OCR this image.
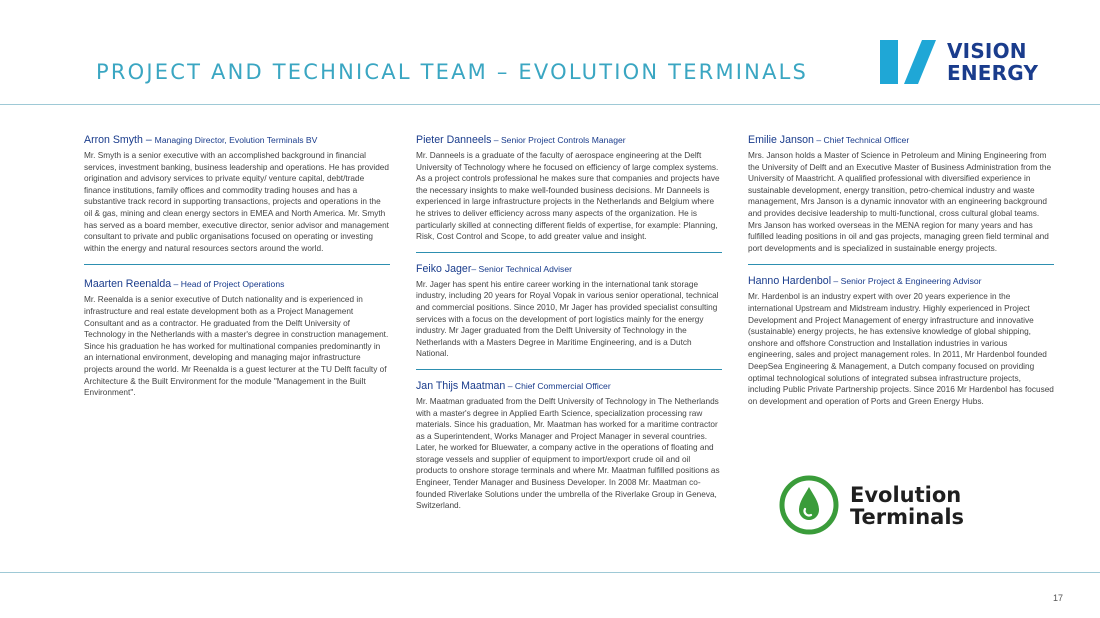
PROJECT AND TECHNICAL TEAM – EVOLUTION TERMINALS
VISION
ENERGY

Arron Smyth – Managing Director, Evolution Terminals BV

Mr. Smyth is a senior executive with an accomplished background in financial services, investment banking, business leadership and operations. He has provided origination and advisory services to private equity/ venture capital, debt/trade finance institutions, family offices and commodity trading houses and has a substantive track record in supporting transactions, projects and operations in the oil & gas, mining and clean energy sectors in EMEA and North America. Mr. Smyth has served as a board member, executive director, senior advisor and management consultant to private and public organisations focused on operating or investing within the energy and natural resources sectors around the world.

Maarten Reenalda – Head of Project Operations

Mr. Reenalda is a senior executive of Dutch nationality and is experienced in infrastructure and real estate development both as a Project Management Consultant and as a contractor. He graduated from the Delft University of Technology in the Netherlands with a master's degree in construction management. Since his graduation he has worked for multinational companies predominantly in an international environment, developing and managing major infrastructure projects around the world. Mr Reenalda is a guest lecturer at the TU Delft faculty of Architecture & the Built Environment for the module "Management in the Built Environment".

Pieter Danneels – Senior Project Controls Manager

Mr. Danneels is a graduate of the faculty of aerospace engineering at the Delft University of Technology where he focused on efficiency of large complex systems. As a project controls professional he makes sure that companies and projects have the necessary insights to make well-founded business decisions. Mr Danneels is experienced in large infrastructure projects in the Netherlands and Belgium where he strives to deliver efficiency across many aspects of the organization. He is particularly skilled at connecting different fields of expertise, for example: Planning, Risk, Cost Control and Scope, to add greater value and insight.

Feiko Jager– Senior Technical Adviser

Mr. Jager has spent his entire career working in the international tank storage industry, including 20 years for Royal Vopak in various senior operational, technical and commercial positions. Since 2010, Mr Jager has provided specialist consulting services with a focus on the development of port logistics mainly for the energy industry. Mr Jager graduated from the Delft University of Technology in the Netherlands with a Masters Degree in Maritime Engineering, and is a Dutch National.

Jan Thijs Maatman – Chief Commercial Officer

Mr. Maatman graduated from the Delft University of Technology in The Netherlands with a master's degree in Applied Earth Science, specialization processing raw materials. Since his graduation, Mr. Maatman has worked for a maritime contractor as a Superintendent, Works Manager and Project Manager in several countries. Later, he worked for Bluewater, a company active in the operations of floating and storage vessels and supplier of equipment to import/export crude oil and oil products to onshore storage terminals and where Mr. Maatman fulfilled positions as Engineer, Tender Manager and Business Developer. In 2008 Mr. Maatman co-founded Riverlake Solutions under the umbrella of the Riverlake Group in Geneva, Switzerland.

Emilie Janson – Chief Technical Officer

Mrs. Janson holds a Master of Science in Petroleum and Mining Engineering from the University of Delft and an Executive Master of Business Administration from the University of Maastricht. A qualified professional with diversified experience in sustainable development, energy transition, petro-chemical industry and waste management, Mrs Janson is a dynamic innovator with an engineering background and provides decisive leadership to multi-functional, cross cultural global teams. Mrs Janson has worked overseas in the MENA region for many years and has fulfilled leading positions in oil and gas projects, managing green field terminal and port developments and is specialized in sustainable energy projects.

Hanno Hardenbol – Senior Project & Engineering Advisor

Mr. Hardenbol is an industry expert with over 20 years experience in the international Upstream and Midstream industry. Highly experienced in Project Development and Project Management of energy infrastructure and innovative (sustainable) energy projects, he has extensive knowledge of global shipping, onshore and offshore Construction and Installation industries in various engineering, sales and project management roles. In 2011, Mr Hardenbol founded DeepSea Engineering & Management, a Dutch company focused on providing optimal technological solutions of integrated subsea infrastructure projects, including Public Private Partnership projects. Since 2016 Mr Hardenbol has focused on development and operation of Ports and Green Energy Hubs.

Evolution
Terminals
17
